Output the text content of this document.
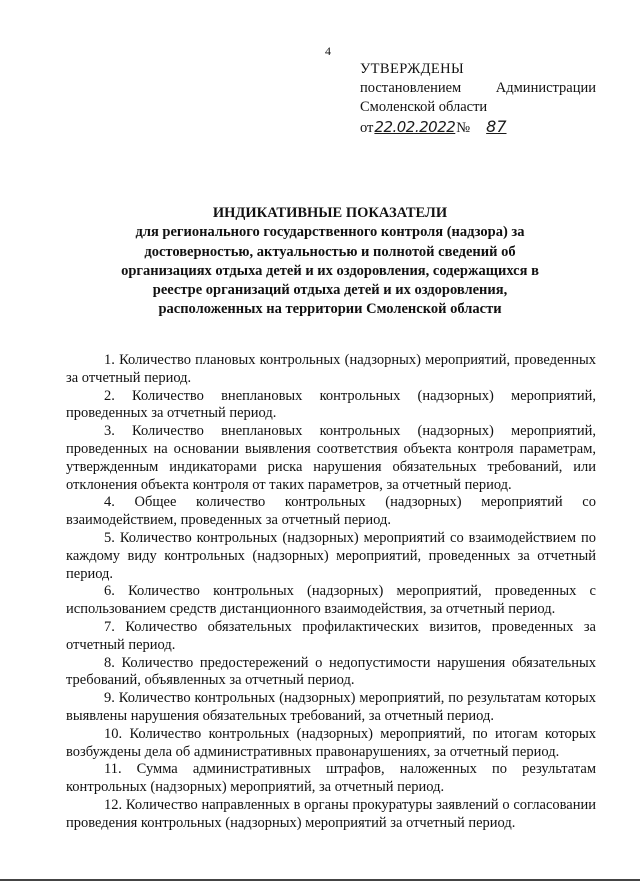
4
УТВЕРЖДЕНЫ
постановлением Администрации
Смоленской области
от 22.02.2022 №	87
ИНДИКАТИВНЫЕ ПОКАЗАТЕЛИ
для регионального государственного контроля (надзора) за достоверностью, актуальностью и полнотой сведений об организациях отдыха детей и их оздоровления, содержащихся в реестре организаций отдыха детей и их оздоровления, расположенных на территории Смоленской области

1. Количество плановых контрольных (надзорных) мероприятий, проведенных за отчетный период.

2. Количество внеплановых контрольных (надзорных) мероприятий, проведенных за отчетный период.

3. Количество внеплановых контрольных (надзорных) мероприятий, проведенных на основании выявления соответствия объекта контроля параметрам, утвержденным индикаторами риска нарушения обязательных требований, или отклонения объекта контроля от таких параметров, за отчетный период.

4. Общее количество контрольных (надзорных) мероприятий со взаимодействием, проведенных за отчетный период.

5. Количество контрольных (надзорных) мероприятий со взаимодействием по каждому виду контрольных (надзорных) мероприятий, проведенных за отчетный период.

6. Количество контрольных (надзорных) мероприятий, проведенных с использованием средств дистанционного взаимодействия, за отчетный период.

7. Количество обязательных профилактических визитов, проведенных за отчетный период.

8. Количество предостережений о недопустимости нарушения обязательных требований, объявленных за отчетный период.

9. Количество контрольных (надзорных) мероприятий, по результатам которых выявлены нарушения обязательных требований, за отчетный период.

10. Количество контрольных (надзорных) мероприятий, по итогам которых возбуждены дела об административных правонарушениях, за отчетный период.

11. Сумма административных штрафов, наложенных по результатам контрольных (надзорных) мероприятий, за отчетный период.

12. Количество направленных в органы прокуратуры заявлений о согласовании проведения контрольных (надзорных) мероприятий за отчетный период.
